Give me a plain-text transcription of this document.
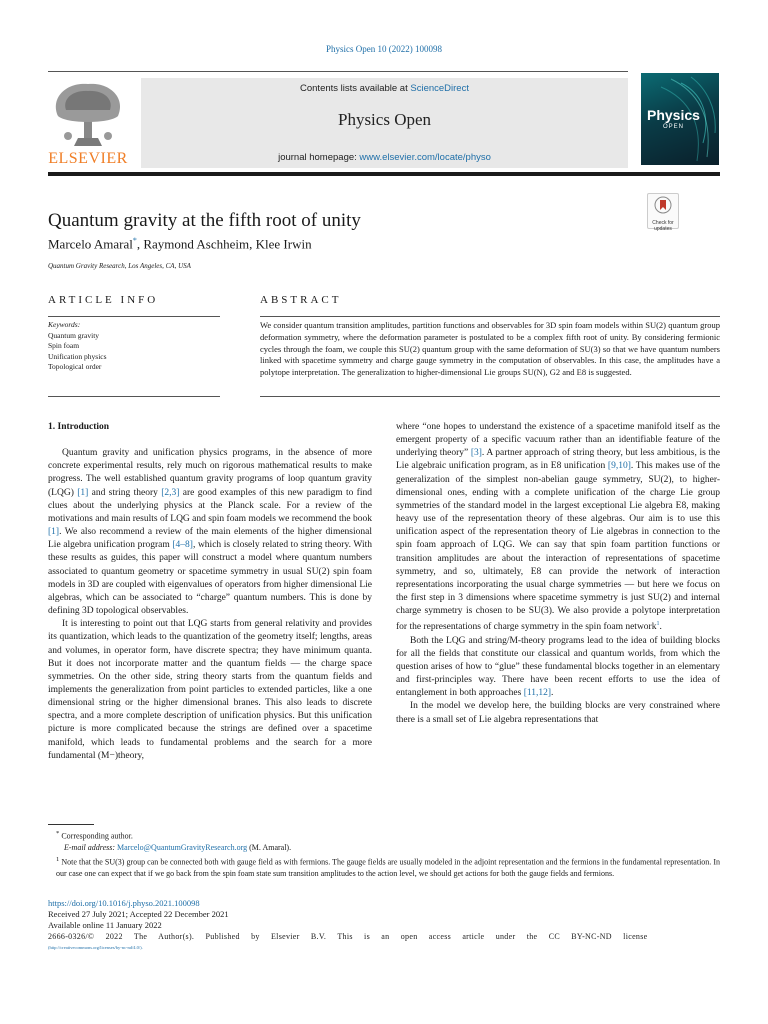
Physics Open 10 (2022) 100098
ELSEVIER
Contents lists available at ScienceDirect
Physics Open
journal homepage: www.elsevier.com/locate/physo
Physics
OPEN
Quantum gravity at the fifth root of unity
Marcelo Amaral*, Raymond Aschheim, Klee Irwin
Quantum Gravity Research, Los Angeles, CA, USA
Check for updates
ARTICLE INFO	ABSTRACT
Keywords:
Quantum gravity
Spin foam
Unification physics
Topological order
We consider quantum transition amplitudes, partition functions and observables for 3D spin foam models within SU(2) quantum group deformation symmetry, where the deformation parameter is postulated to be a complex fifth root of unity. By considering fermionic cycles through the foam, we couple this SU(2) quantum group with the same deformation of SU(3) so that we have quantum numbers linked with spacetime symmetry and charge gauge symmetry in the computation of observables. In this case, the amplitudes have a polytope interpretation. The generalization to higher-dimensional Lie groups SU(N), G2 and E8 is suggested.
1. Introduction

Quantum gravity and unification physics programs, in the absence of more concrete experimental results, rely much on rigorous mathematical results to make progress. The well established quantum gravity programs of loop quantum gravity (LQG) [1] and string theory [2,3] are good examples of this new paradigm to find clues about the underlying physics at the Planck scale. For a review of the motivations and main results of LQG and spin foam models we recommend the book [1]. We also recommend a review of the main elements of the higher dimensional Lie algebra unification program [4–8], which is closely related to string theory. With these results as guides, this paper will construct a model where quantum numbers associated to quantum geometry or spacetime symmetry in usual SU(2) spin foam models in 3D are coupled with eigenvalues of operators from higher dimensional Lie algebras, which can be associated to “charge” quantum numbers. This is done by defining 3D topological observables.

It is interesting to point out that LQG starts from general relativity and provides its quantization, which leads to the quantization of the geometry itself; lengths, areas and volumes, in operator form, have discrete spectra; they have minimum quanta. But it does not incorporate matter and the quantum fields — the charge space symmetries. On the other side, string theory starts from the quantum fields and implements the generalization from point particles to extended particles, like a one dimensional string or the higher dimensional branes. This also leads to discrete spectra, and a more complete description of unification physics. But this unification picture is more complicated because the strings are defined over a spacetime manifold, which leads to fundamental problems and the search for a more fundamental (M−)theory,

where “one hopes to understand the existence of a spacetime manifold itself as the emergent property of a specific vacuum rather than an identifiable feature of the underlying theory” [3]. A partner approach of string theory, but less ambitious, is the Lie algebraic unification program, as in E8 unification [9,10]. This makes use of the generalization of the simplest non-abelian gauge symmetry, SU(2), to higher-dimensional ones, ending with a complete unification of the charge Lie group symmetries of the standard model in the largest exceptional Lie algebra E8, making heavy use of the representation theory of these algebras. Our aim is to use this unification aspect of the representation theory of Lie algebras in connection to the spin foam approach of LQG. We can say that spin foam partition functions or transition amplitudes are about the interaction of representations of spacetime symmetry, and so, ultimately, E8 can provide the network of interaction representations incorporating the usual charge symmetries — but here we focus on the first step in 3 dimensions where spacetime symmetry is just SU(2) and internal charge symmetry is chosen to be SU(3). We also provide a polytope interpretation for the representations of charge symmetry in the spin foam network$^1$.

Both the LQG and string/M-theory programs lead to the idea of building blocks for all the fields that constitute our classical and quantum worlds, from which the question arises of how to “glue” these fundamental blocks together in an elementary and first-principles way. There have been recent efforts to use the idea of entanglement in both approaches [11,12].

In the model we develop here, the building blocks are very constrained where there is a small set of Lie algebra representations that

* Corresponding author.

E-mail address: Marcelo@QuantumGravityResearch.org (M. Amaral).

$^1$ Note that the SU(3) group can be connected both with gauge field as with fermions. The gauge fields are usually modeled in the adjoint representation and the fermions in the fundamental representation. In our case one can expect that if we go back from the spin foam state sum transition amplitudes to the action level, we should get actions for both the gauge fields and fermions.

https://doi.org/10.1016/j.physo.2021.100098

Received 27 July 2021; Accepted 22 December 2021

Available online 11 January 2022

2666-0326/© 2022 The Author(s). Published by Elsevier B.V. This is an open access article under the CC BY-NC-ND license

(http://creativecommons.org/licenses/by-nc-nd/4.0/).
